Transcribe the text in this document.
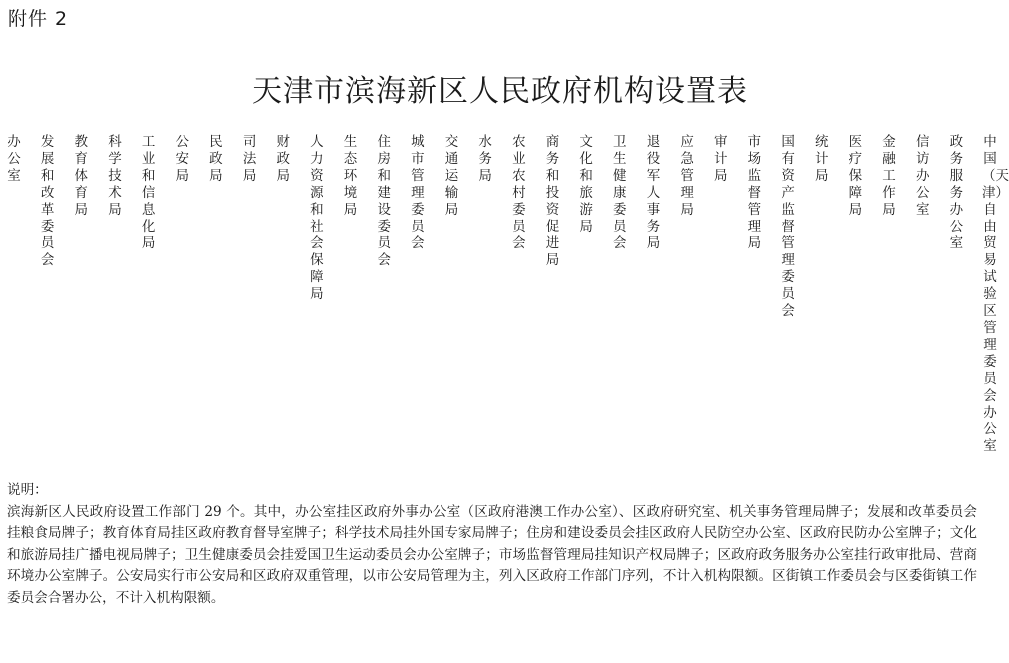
附件 2
天津市滨海新区人民政府机构设置表
办公室
发展和改革委员会
教育体育局
科学技术局
工业和信息化局
公安局
民政局
司法局
财政局
人力资源和社会保障局
生态环境局
住房和建设委员会
城市管理委员会
交通运输局
水务局
农业农村委员会
商务和投资促进局
文化和旅游局
卫生健康委员会
退役军人事务局
应急管理局
审计局
市场监督管理局
国有资产监督管理委员会
统计局
医疗保障局
金融工作局
信访办公室
政务服务办公室
中国（天津）自由贸易试验区管理委员会办公室
说明：
滨海新区人民政府设置工作部门 29 个。其中，办公室挂区政府外事办公室（区政府港澳工作办公室）、区政府研究室、机关事务管理局牌子；发展和改革委员会挂粮食局牌子；教育体育局挂区政府教育督导室牌子；科学技术局挂外国专家局牌子；住房和建设委员会挂区政府人民防空办公室、区政府民防办公室牌子；文化和旅游局挂广播电视局牌子；卫生健康委员会挂爱国卫生运动委员会办公室牌子；市场监督管理局挂知识产权局牌子；区政府政务服务办公室挂行政审批局、营商环境办公室牌子。公安局实行市公安局和区政府双重管理，以市公安局管理为主，列入区政府工作部门序列，不计入机构限额。区街镇工作委员会与区委街镇工作委员会合署办公，不计入机构限额。
